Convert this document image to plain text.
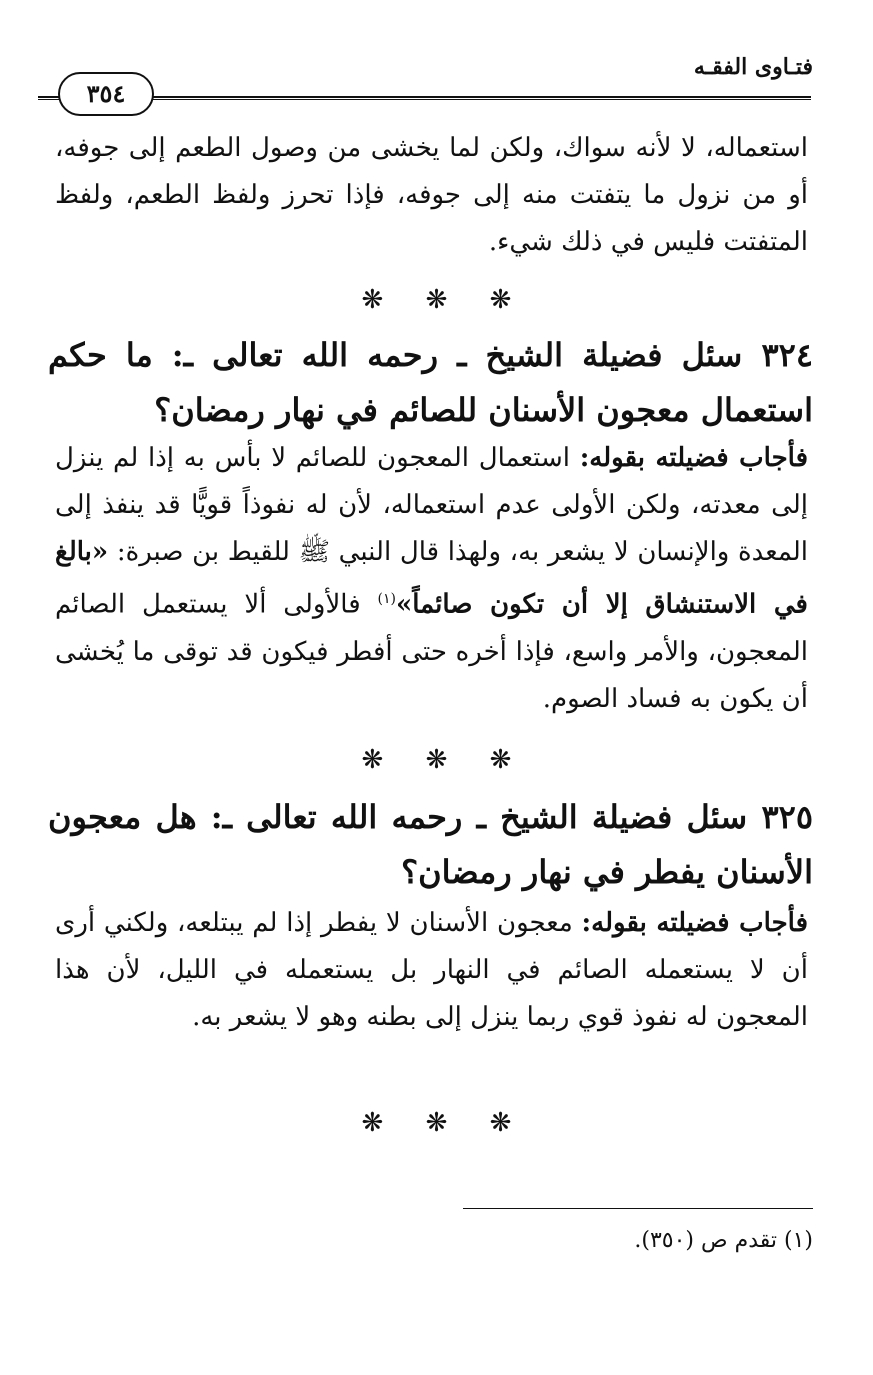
فتـاوى الفقـه
٣٥٤
استعماله، لا لأنه سواك، ولكن لما يخشى من وصول الطعم إلى جوفه، أو من نزول ما يتفتت منه إلى جوفه، فإذا تحرز ولفظ الطعم، ولفظ المتفتت فليس في ذلك شيء.
❋ ❋ ❋
٣٢٤ سئل فضيلة الشيخ ـ رحمه الله تعالى ـ: ما حكم استعمال معجون الأسنان للصائم في نهار رمضان؟
فأجاب فضيلته بقوله: استعمال المعجون للصائم لا بأس به إذا لم ينزل إلى معدته، ولكن الأولى عدم استعماله، لأن له نفوذاً قويًّا قد ينفذ إلى المعدة والإنسان لا يشعر به، ولهذا قال النبي ﷺ للقيط بن صبرة: «بالغ في الاستنشاق إلا أن تكون صائماً»$^{(١)}$ فالأولى ألا يستعمل الصائم المعجون، والأمر واسع، فإذا أخره حتى أفطر فيكون قد توقى ما يُخشى أن يكون به فساد الصوم.
❋ ❋ ❋
٣٢٥ سئل فضيلة الشيخ ـ رحمه الله تعالى ـ: هل معجون الأسنان يفطر في نهار رمضان؟
فأجاب فضيلته بقوله: معجون الأسنان لا يفطر إذا لم يبتلعه، ولكني أرى أن لا يستعمله الصائم في النهار بل يستعمله في الليل، لأن هذا المعجون له نفوذ قوي ربما ينزل إلى بطنه وهو لا يشعر به.
❋ ❋ ❋
(١) تقدم ص (٣٥٠).
